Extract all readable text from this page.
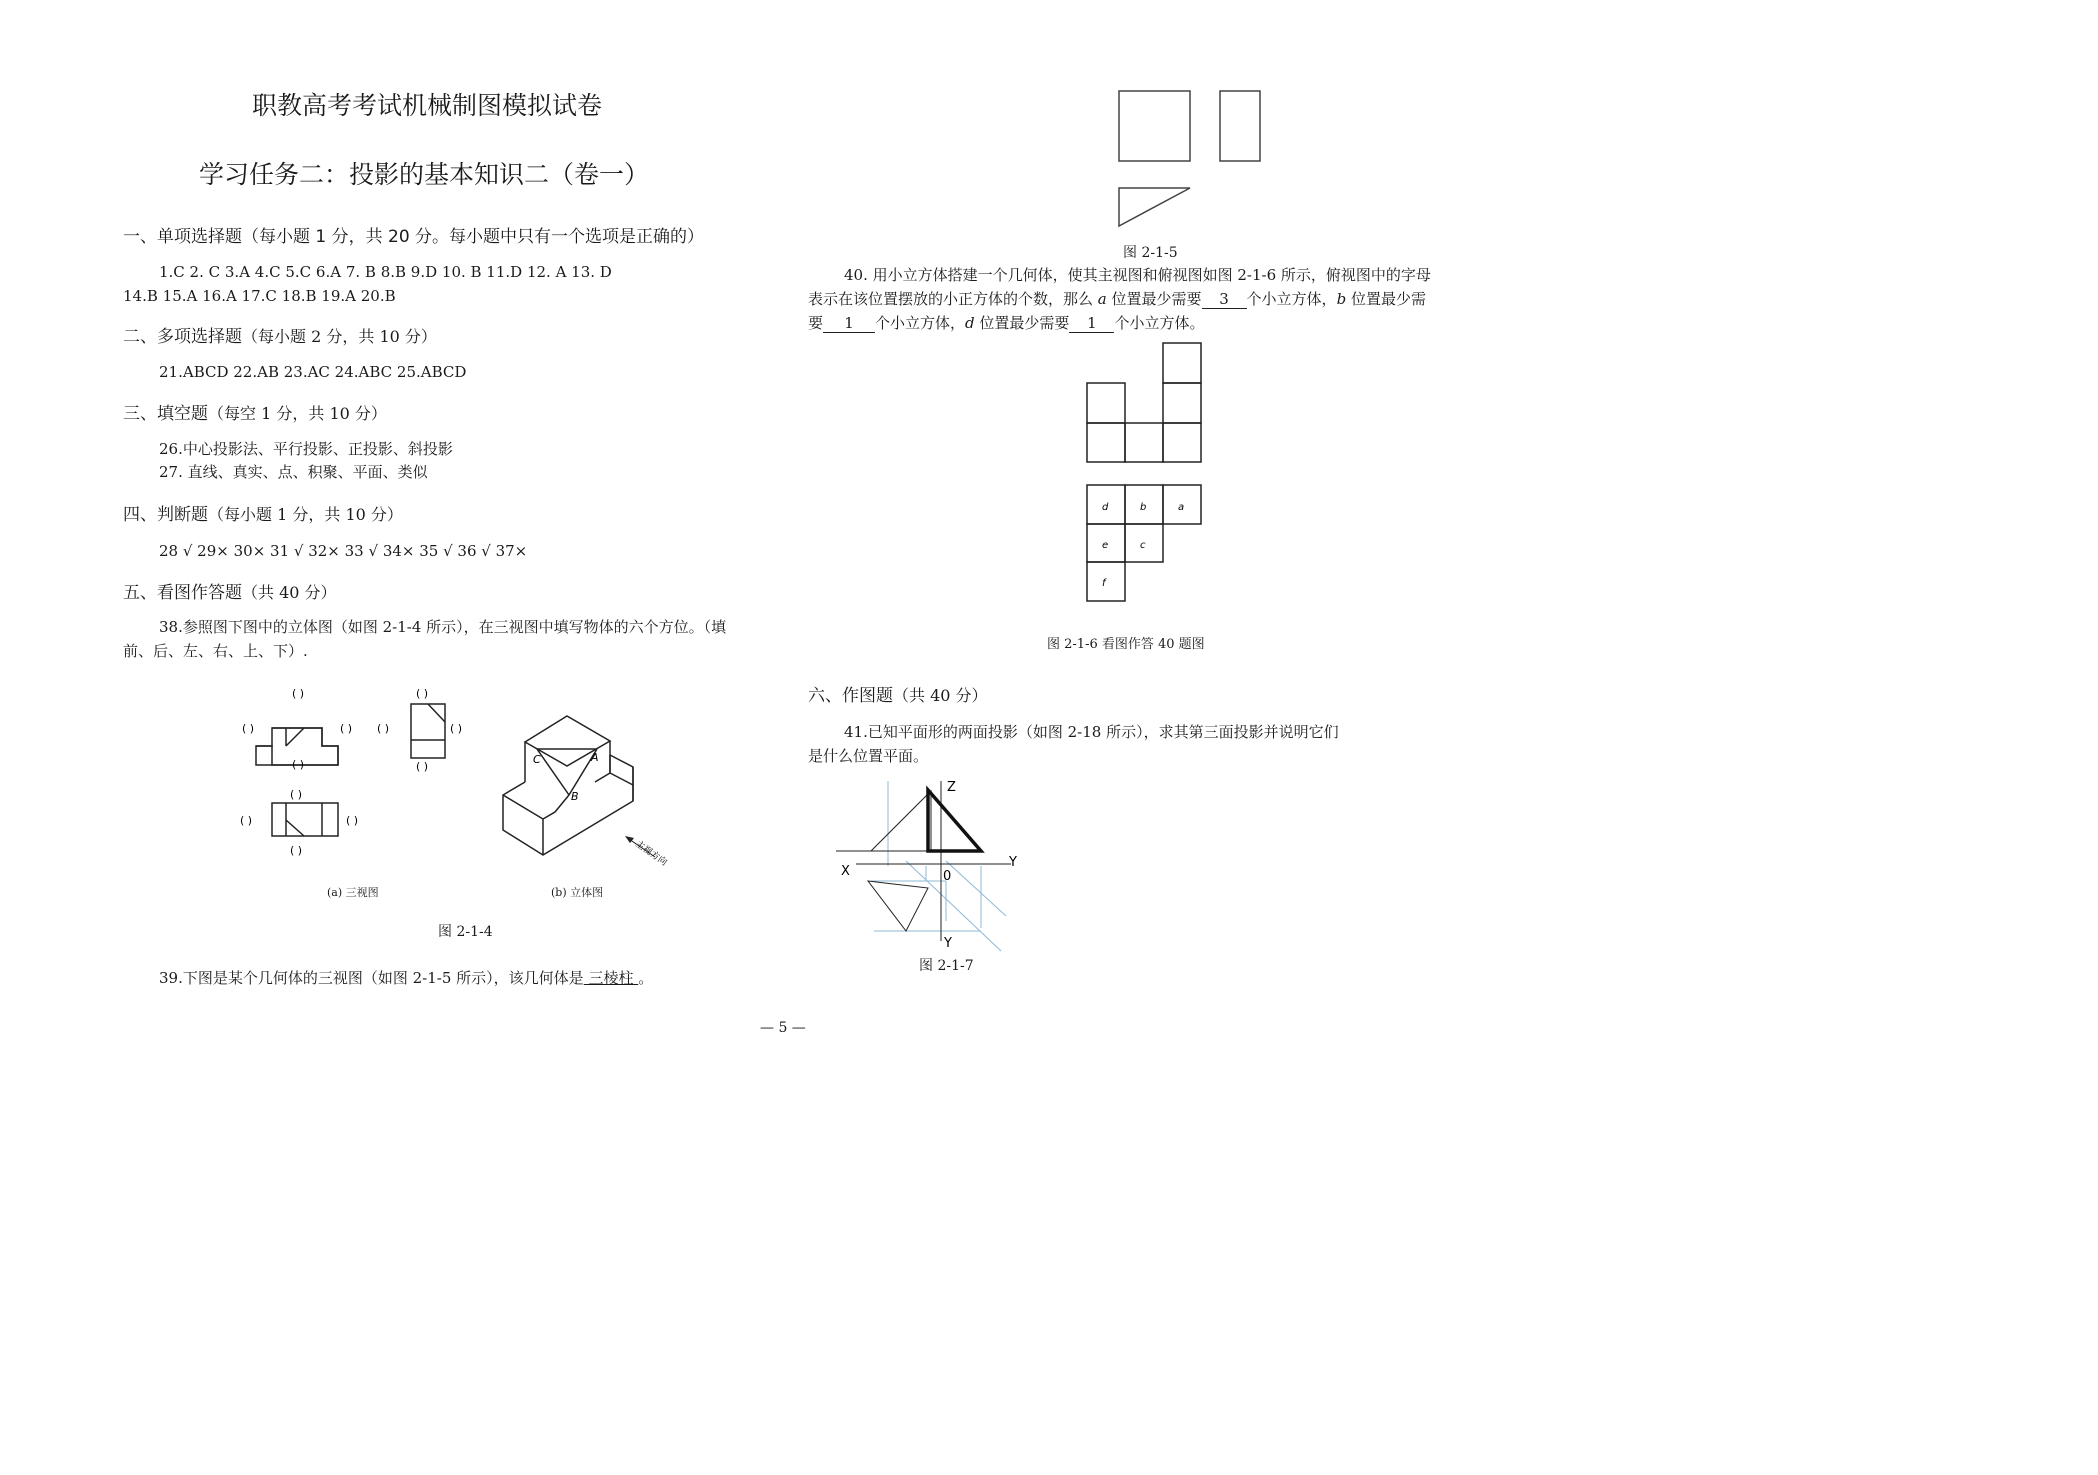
职教高考考试机械制图模拟试卷
学习任务二：投影的基本知识二（卷一）
一、单项选择题（每小题 1 分，共 20 分。每小题中只有一个选项是正确的）
1.C 2. C 3.A 4.C 5.C 6.A 7. B 8.B 9.D 10. B 11.D 12. A 13. D
14.B 15.A 16.A 17.C 18.B 19.A 20.B
二、多项选择题（每小题 2 分，共 10 分）
21.ABCD 22.AB 23.AC 24.ABC 25.ABCD
三、填空题（每空 1 分，共 10 分）
26.中心投影法、平行投影、正投影、斜投影
27. 直线、真实、点、积聚、平面、类似
四、判断题（每小题 1 分，共 10 分）
28 √ 29× 30× 31 √ 32× 33 √ 34× 35 √ 36 √ 37×
五、看图作答题（共 40 分）
38.参照图下图中的立体图（如图 2-1-4 所示），在三视图中填写物体的六个方位。（填
前、后、左、右、上、下）.
( )
( )	( )
( )
( )
( )	( )
( )
( )
( )	( )
( )
C	A
B
主视方向
(a) 三视图	(b) 立体图
图 2-1-4
39.下图是某个几何体的三视图（如图 2-1-5 所示），该几何体是 三棱柱 。
— 5 —
图 2-1-5
40. 用小立方体搭建一个几何体，使其主视图和俯视图如图 2-1-6 所示，俯视图中的字母
表示在该位置摆放的小正方体的个数，那么 a 位置最少需要 3 个小立方体，b 位置最少需
要 1 个小立方体，d 位置最少需要 1 个小立方体。
d	b	a
e	c
f
图 2-1-6 看图作答 40 题图
六、作图题（共 40 分）
41.已知平面形的两面投影（如图 2-18 所示），求其第三面投影并说明它们
是什么位置平面。
Z
X
Y
Y
0
图 2-1-7
